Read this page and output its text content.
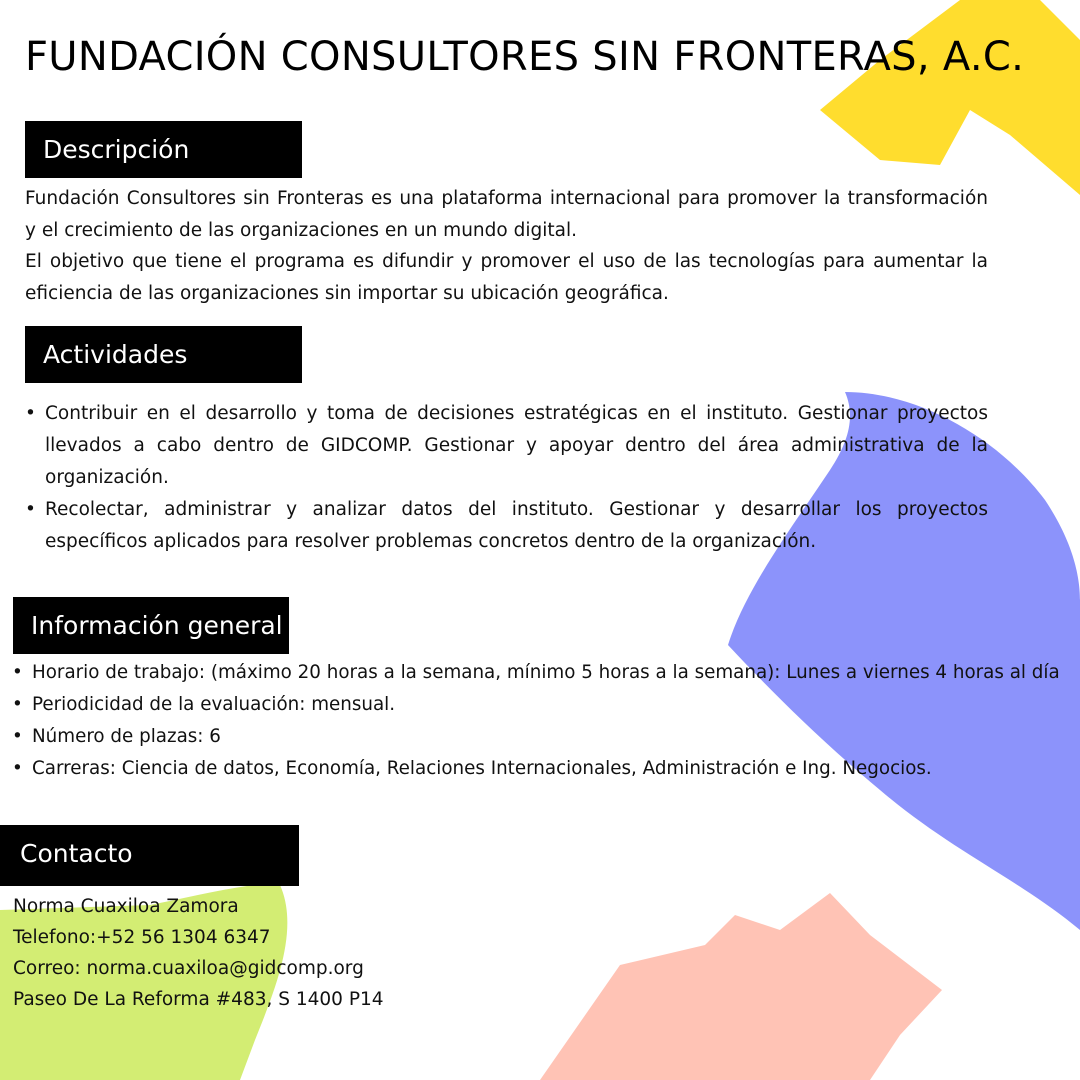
FUNDACIÓN CONSULTORES SIN FRONTERAS, A.C.
Descripción

Fundación Consultores sin Fronteras es una plataforma internacional para promover la transformación y el crecimiento de las organizaciones en un mundo digital.

El objetivo que tiene el programa es difundir y promover el uso de las tecnologías para aumentar la eficiencia de las organizaciones sin importar su ubicación geográfica.

Actividades
• Contribuir en el desarrollo y toma de decisiones estratégicas en el instituto. Gestionar proyectos llevados a cabo dentro de GIDCOMP. Gestionar y apoyar dentro del área administrativa de la organización.
• Recolectar, administrar y analizar datos del instituto. Gestionar y desarrollar los proyectos específicos aplicados para resolver problemas concretos dentro de la organización.
Información general
• Horario de trabajo: (máximo 20 horas a la semana, mínimo 5 horas a la semana): Lunes a viernes 4 horas al día
• Periodicidad de la evaluación: mensual.
• Número de plazas: 6
• Carreras: Ciencia de datos, Economía, Relaciones Internacionales, Administración e Ing. Negocios.
Contacto

Norma Cuaxiloa Zamora

Telefono:+52 56 1304 6347

Correo: norma.cuaxiloa@gidcomp.org

Paseo De La Reforma #483, S 1400 P14
